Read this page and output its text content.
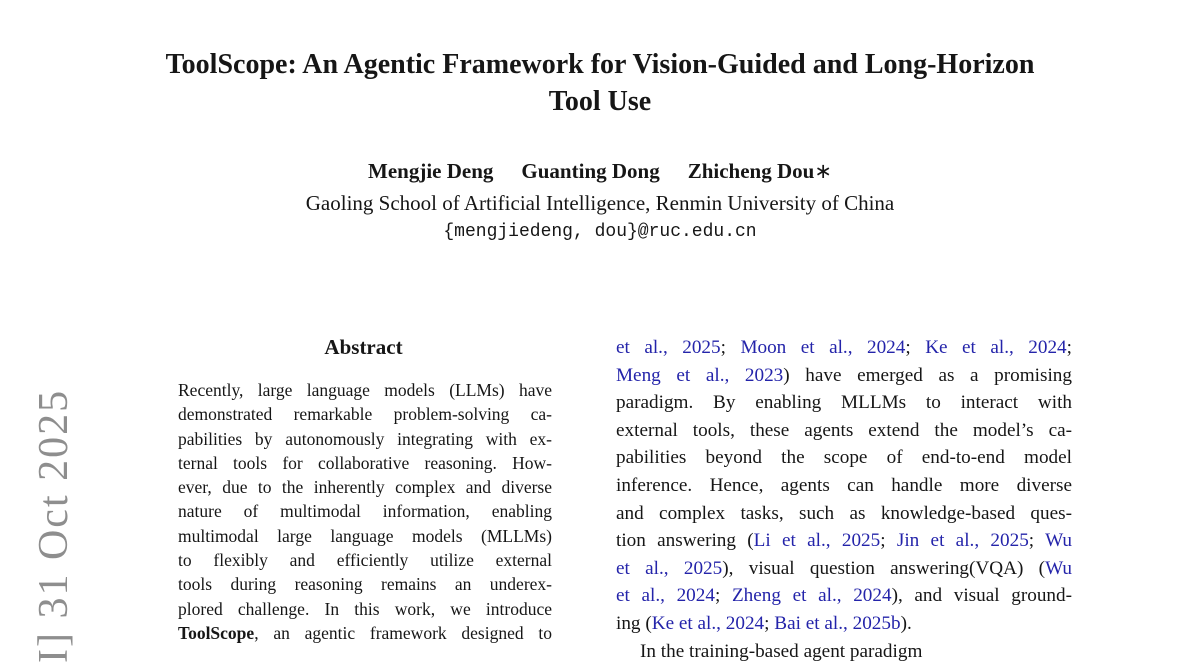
I] 31 Oct 2025
ToolScope: An Agentic Framework for Vision-Guided and Long-Horizon
Tool Use
Mengjie Deng Guanting Dong Zhicheng Dou∗
Gaoling School of Artificial Intelligence, Renmin University of China
{mengjiedeng, dou}@ruc.edu.cn
Abstract
Recently, large language models (LLMs) have
demonstrated remarkable problem-solving ca-
pabilities by autonomously integrating with ex-
ternal tools for collaborative reasoning. How-
ever, due to the inherently complex and diverse
nature of multimodal information, enabling
multimodal large language models (MLLMs)
to flexibly and efficiently utilize external
tools during reasoning remains an underex-
plored challenge. In this work, we introduce
ToolScope, an agentic framework designed to
et al., 2025; Moon et al., 2024; Ke et al., 2024;
Meng et al., 2023) have emerged as a promising
paradigm. By enabling MLLMs to interact with
external tools, these agents extend the model’s ca-
pabilities beyond the scope of end-to-end model
inference. Hence, agents can handle more diverse
and complex tasks, such as knowledge-based ques-
tion answering (Li et al., 2025; Jin et al., 2025; Wu
et al., 2025), visual question answering(VQA) (Wu
et al., 2024; Zheng et al., 2024), and visual ground-
ing (Ke et al., 2024; Bai et al., 2025b).
In the training-based agent paradigm
